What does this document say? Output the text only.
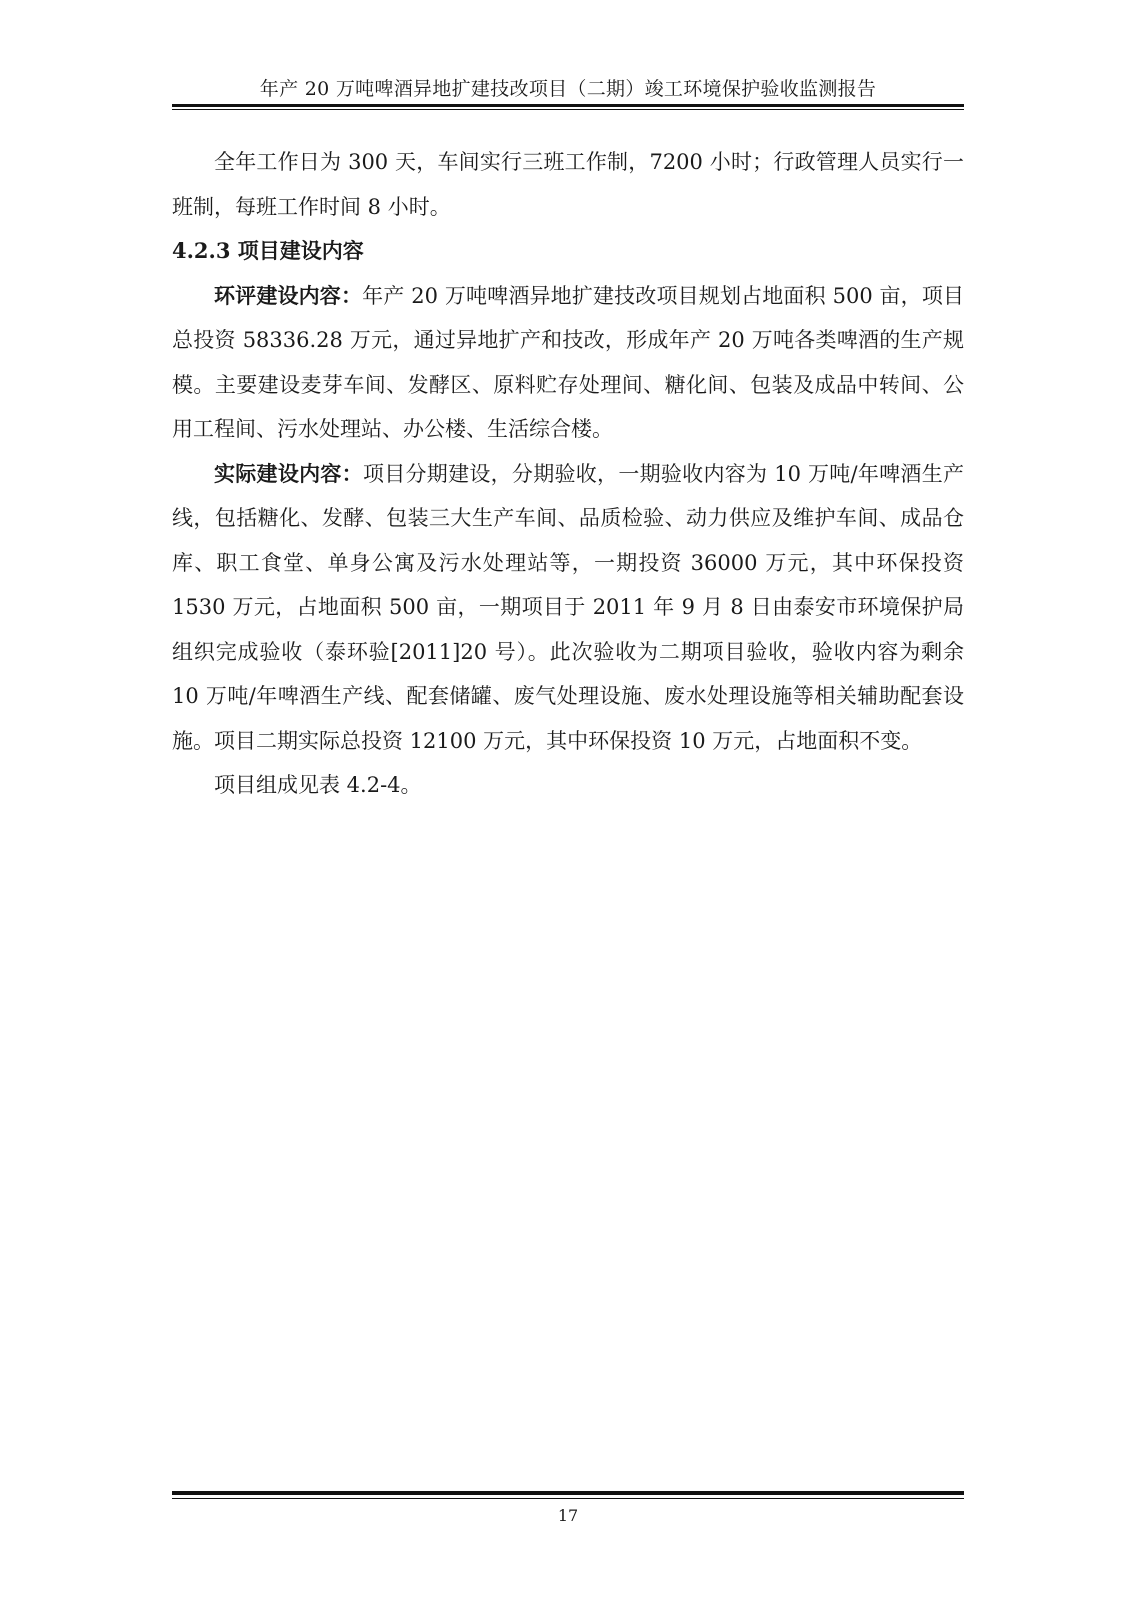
年产 20 万吨啤酒异地扩建技改项目（二期）竣工环境保护验收监测报告

全年工作日为 300 天，车间实行三班工作制，7200 小时；行政管理人员实行一班制，每班工作时间 8 小时。

4.2.3 项目建设内容

环评建设内容：年产 20 万吨啤酒异地扩建技改项目规划占地面积 500 亩，项目总投资 58336.28 万元，通过异地扩产和技改，形成年产 20 万吨各类啤酒的生产规模。主要建设麦芽车间、发酵区、原料贮存处理间、糖化间、包装及成品中转间、公用工程间、污水处理站、办公楼、生活综合楼。

实际建设内容：项目分期建设，分期验收，一期验收内容为 10 万吨/年啤酒生产线，包括糖化、发酵、包装三大生产车间、品质检验、动力供应及维护车间、成品仓库、职工食堂、单身公寓及污水处理站等，一期投资 36000 万元，其中环保投资 1530 万元，占地面积 500 亩，一期项目于 2011 年 9 月 8 日由泰安市环境保护局组织完成验收（泰环验[2011]20 号）。此次验收为二期项目验收，验收内容为剩余 10 万吨/年啤酒生产线、配套储罐、废气处理设施、废水处理设施等相关辅助配套设施。项目二期实际总投资 12100 万元，其中环保投资 10 万元，占地面积不变。

项目组成见表 4.2-4。

17
